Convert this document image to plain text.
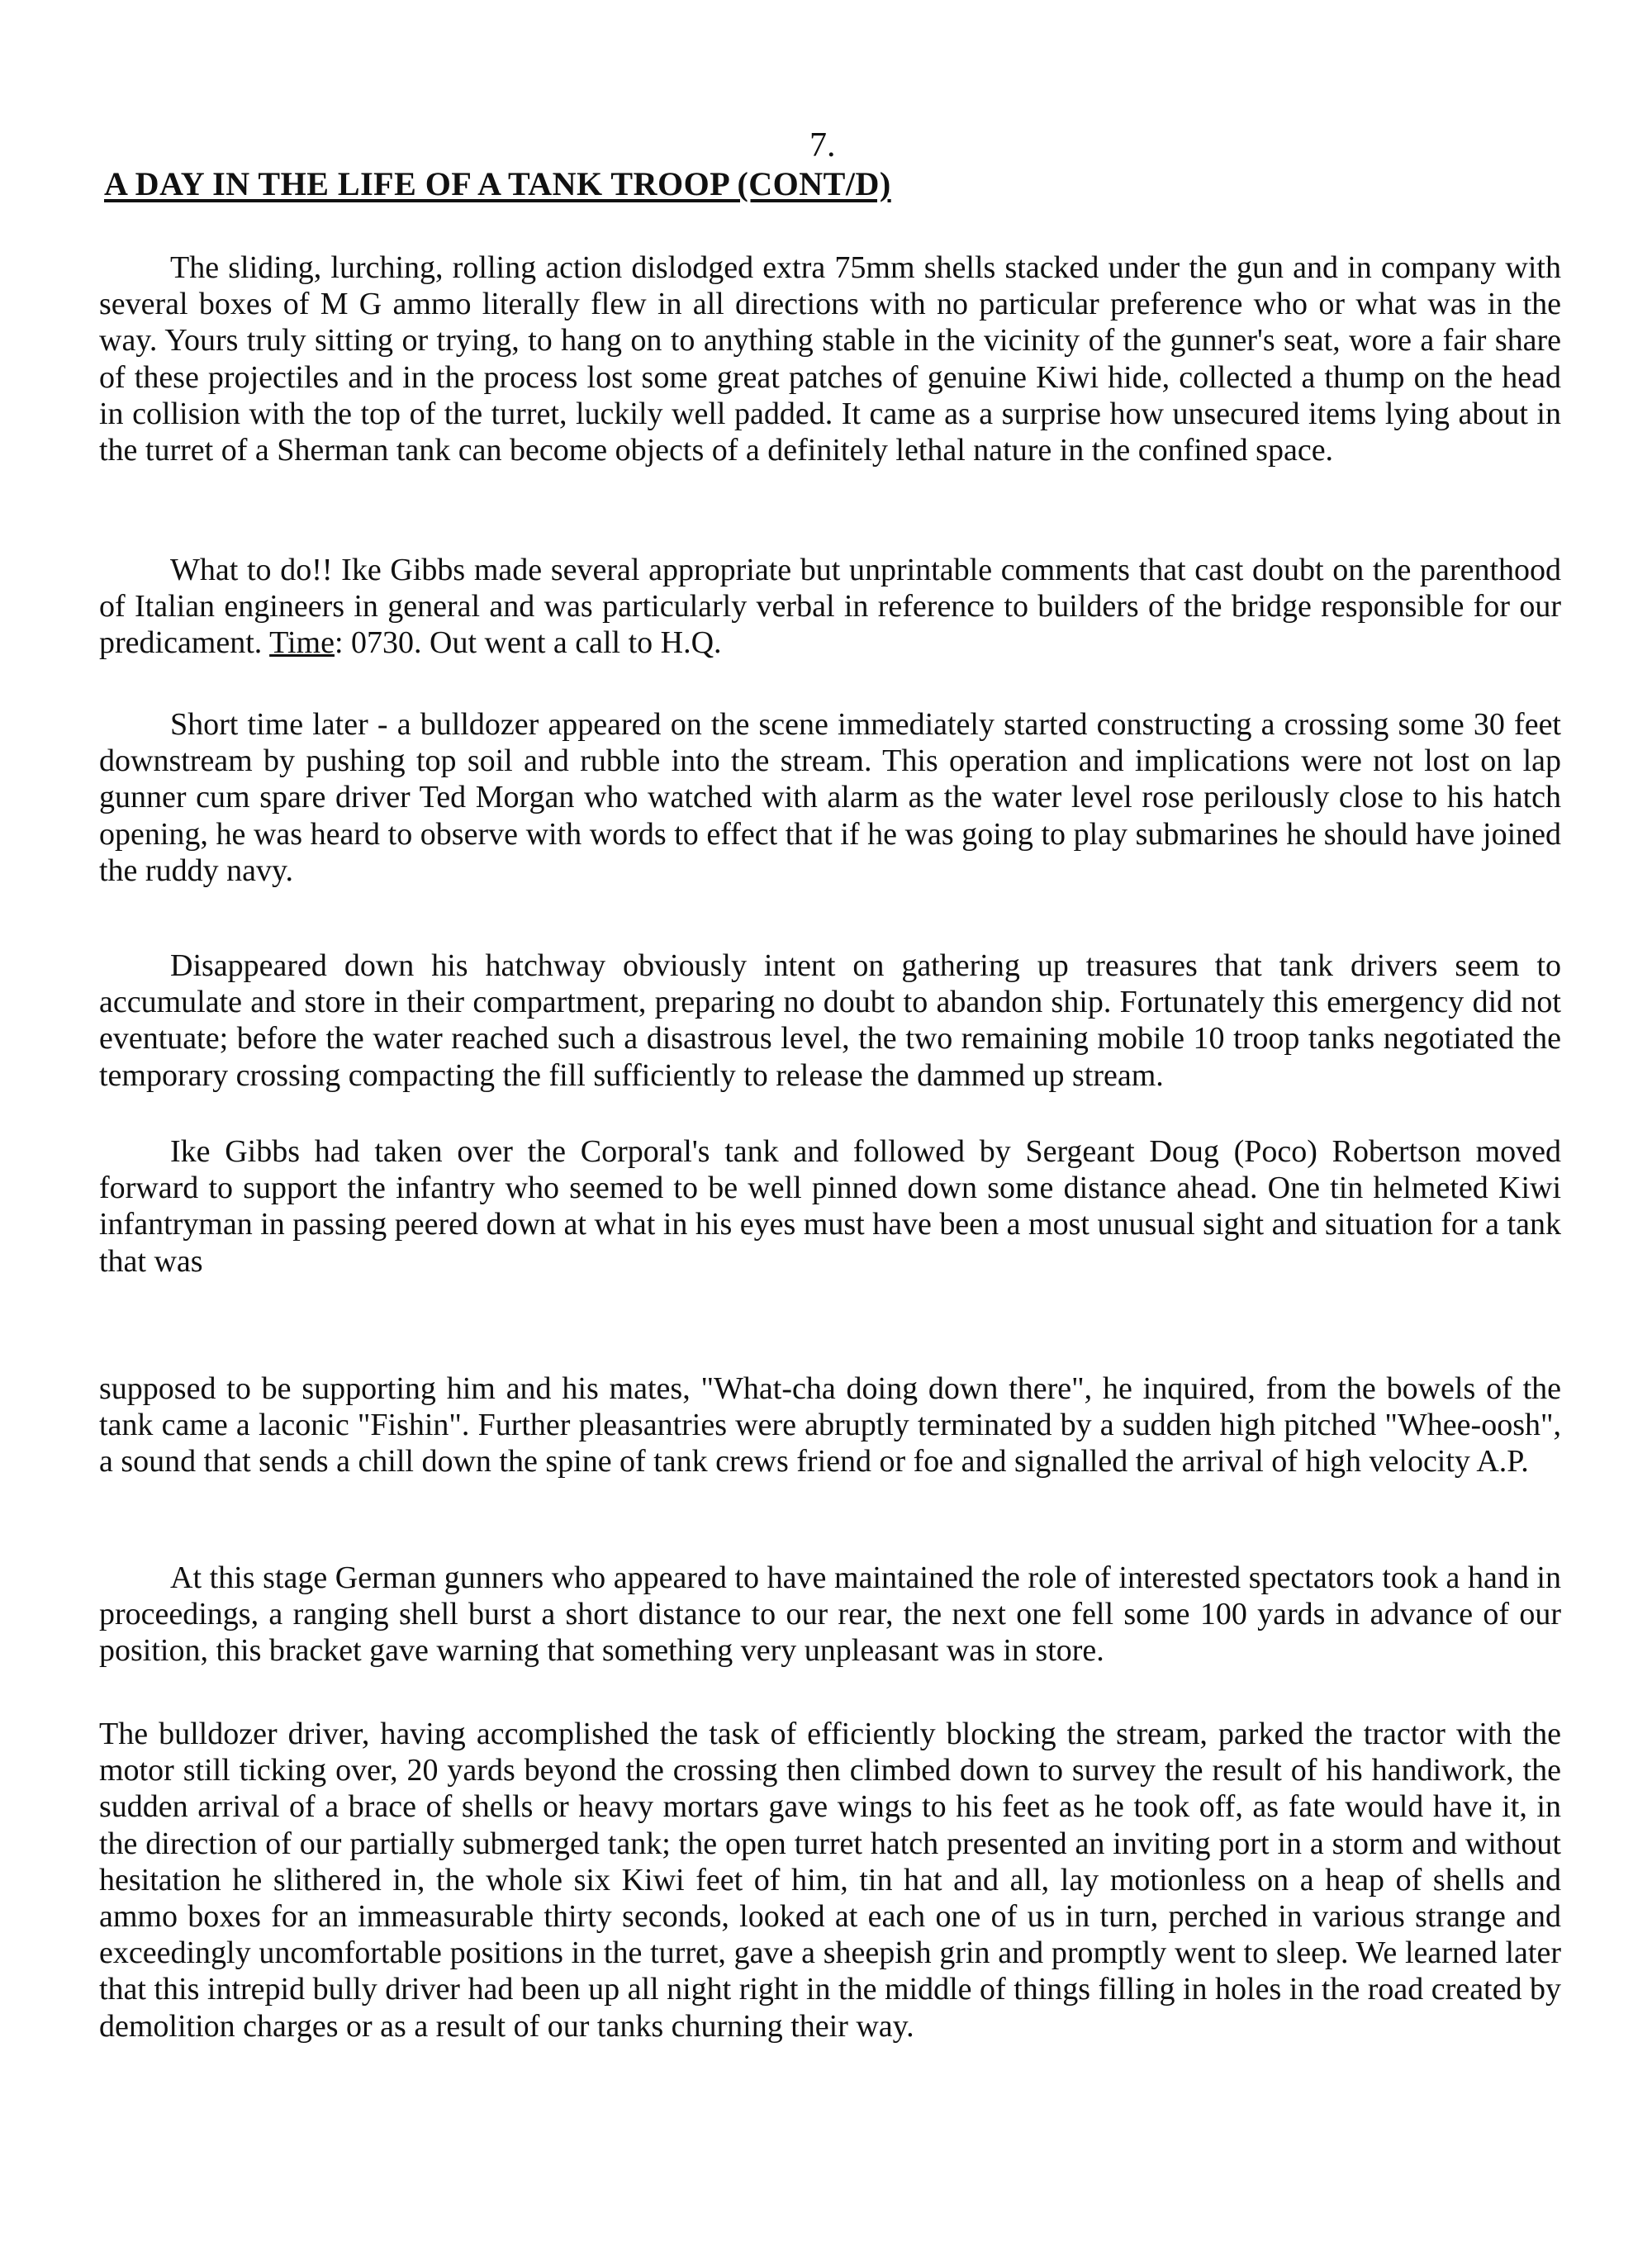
7.

A DAY IN THE LIFE OF A TANK TROOP (CONT/D)

The sliding, lurching, rolling action dislodged extra 75mm shells stacked under the gun and in company with several boxes of M G ammo literally flew in all directions with no particular preference who or what was in the way. Yours truly sitting or trying, to hang on to anything stable in the vicinity of the gunner's seat, wore a fair share of these projectiles and in the process lost some great patches of genuine Kiwi hide, collected a thump on the head in collision with the top of the turret, luckily well padded. It came as a surprise how unsecured items lying about in the turret of a Sherman tank can become objects of a definitely lethal nature in the confined space.

What to do!! Ike Gibbs made several appropriate but unprintable comments that cast doubt on the parenthood of Italian engineers in general and was particularly verbal in reference to builders of the bridge responsible for our predicament. Time: 0730. Out went a call to H.Q.

Short time later - a bulldozer appeared on the scene immediately started constructing a crossing some 30 feet downstream by pushing top soil and rubble into the stream. This operation and implications were not lost on lap gunner cum spare driver Ted Morgan who watched with alarm as the water level rose perilously close to his hatch opening, he was heard to observe with words to effect that if he was going to play submarines he should have joined the ruddy navy.

Disappeared down his hatchway obviously intent on gathering up treasures that tank drivers seem to accumulate and store in their compartment, preparing no doubt to abandon ship. Fortunately this emergency did not eventuate; before the water reached such a disastrous level, the two remaining mobile 10 troop tanks negotiated the temporary crossing compacting the fill sufficiently to release the dammed up stream.

Ike Gibbs had taken over the Corporal's tank and followed by Sergeant Doug (Poco) Robertson moved forward to support the infantry who seemed to be well pinned down some distance ahead. One tin helmeted Kiwi infantryman in passing peered down at what in his eyes must have been a most unusual sight and situation for a tank that was

supposed to be supporting him and his mates, "What-cha doing down there", he inquired, from the bowels of the tank came a laconic "Fishin". Further pleasantries were abruptly terminated by a sudden high pitched "Whee-oosh", a sound that sends a chill down the spine of tank crews friend or foe and signalled the arrival of high velocity A.P.

At this stage German gunners who appeared to have maintained the role of interested spectators took a hand in proceedings, a ranging shell burst a short distance to our rear, the next one fell some 100 yards in advance of our position, this bracket gave warning that something very unpleasant was in store.

The bulldozer driver, having accomplished the task of efficiently blocking the stream, parked the tractor with the motor still ticking over, 20 yards beyond the crossing then climbed down to survey the result of his handiwork, the sudden arrival of a brace of shells or heavy mortars gave wings to his feet as he took off, as fate would have it, in the direction of our partially submerged tank; the open turret hatch presented an inviting port in a storm and without hesitation he slithered in, the whole six Kiwi feet of him, tin hat and all, lay motionless on a heap of shells and ammo boxes for an immeasurable thirty seconds, looked at each one of us in turn, perched in various strange and exceedingly uncomfortable positions in the turret, gave a sheepish grin and promptly went to sleep. We learned later that this intrepid bully driver had been up all night right in the middle of things filling in holes in the road created by demolition charges or as a result of our tanks churning their way.
